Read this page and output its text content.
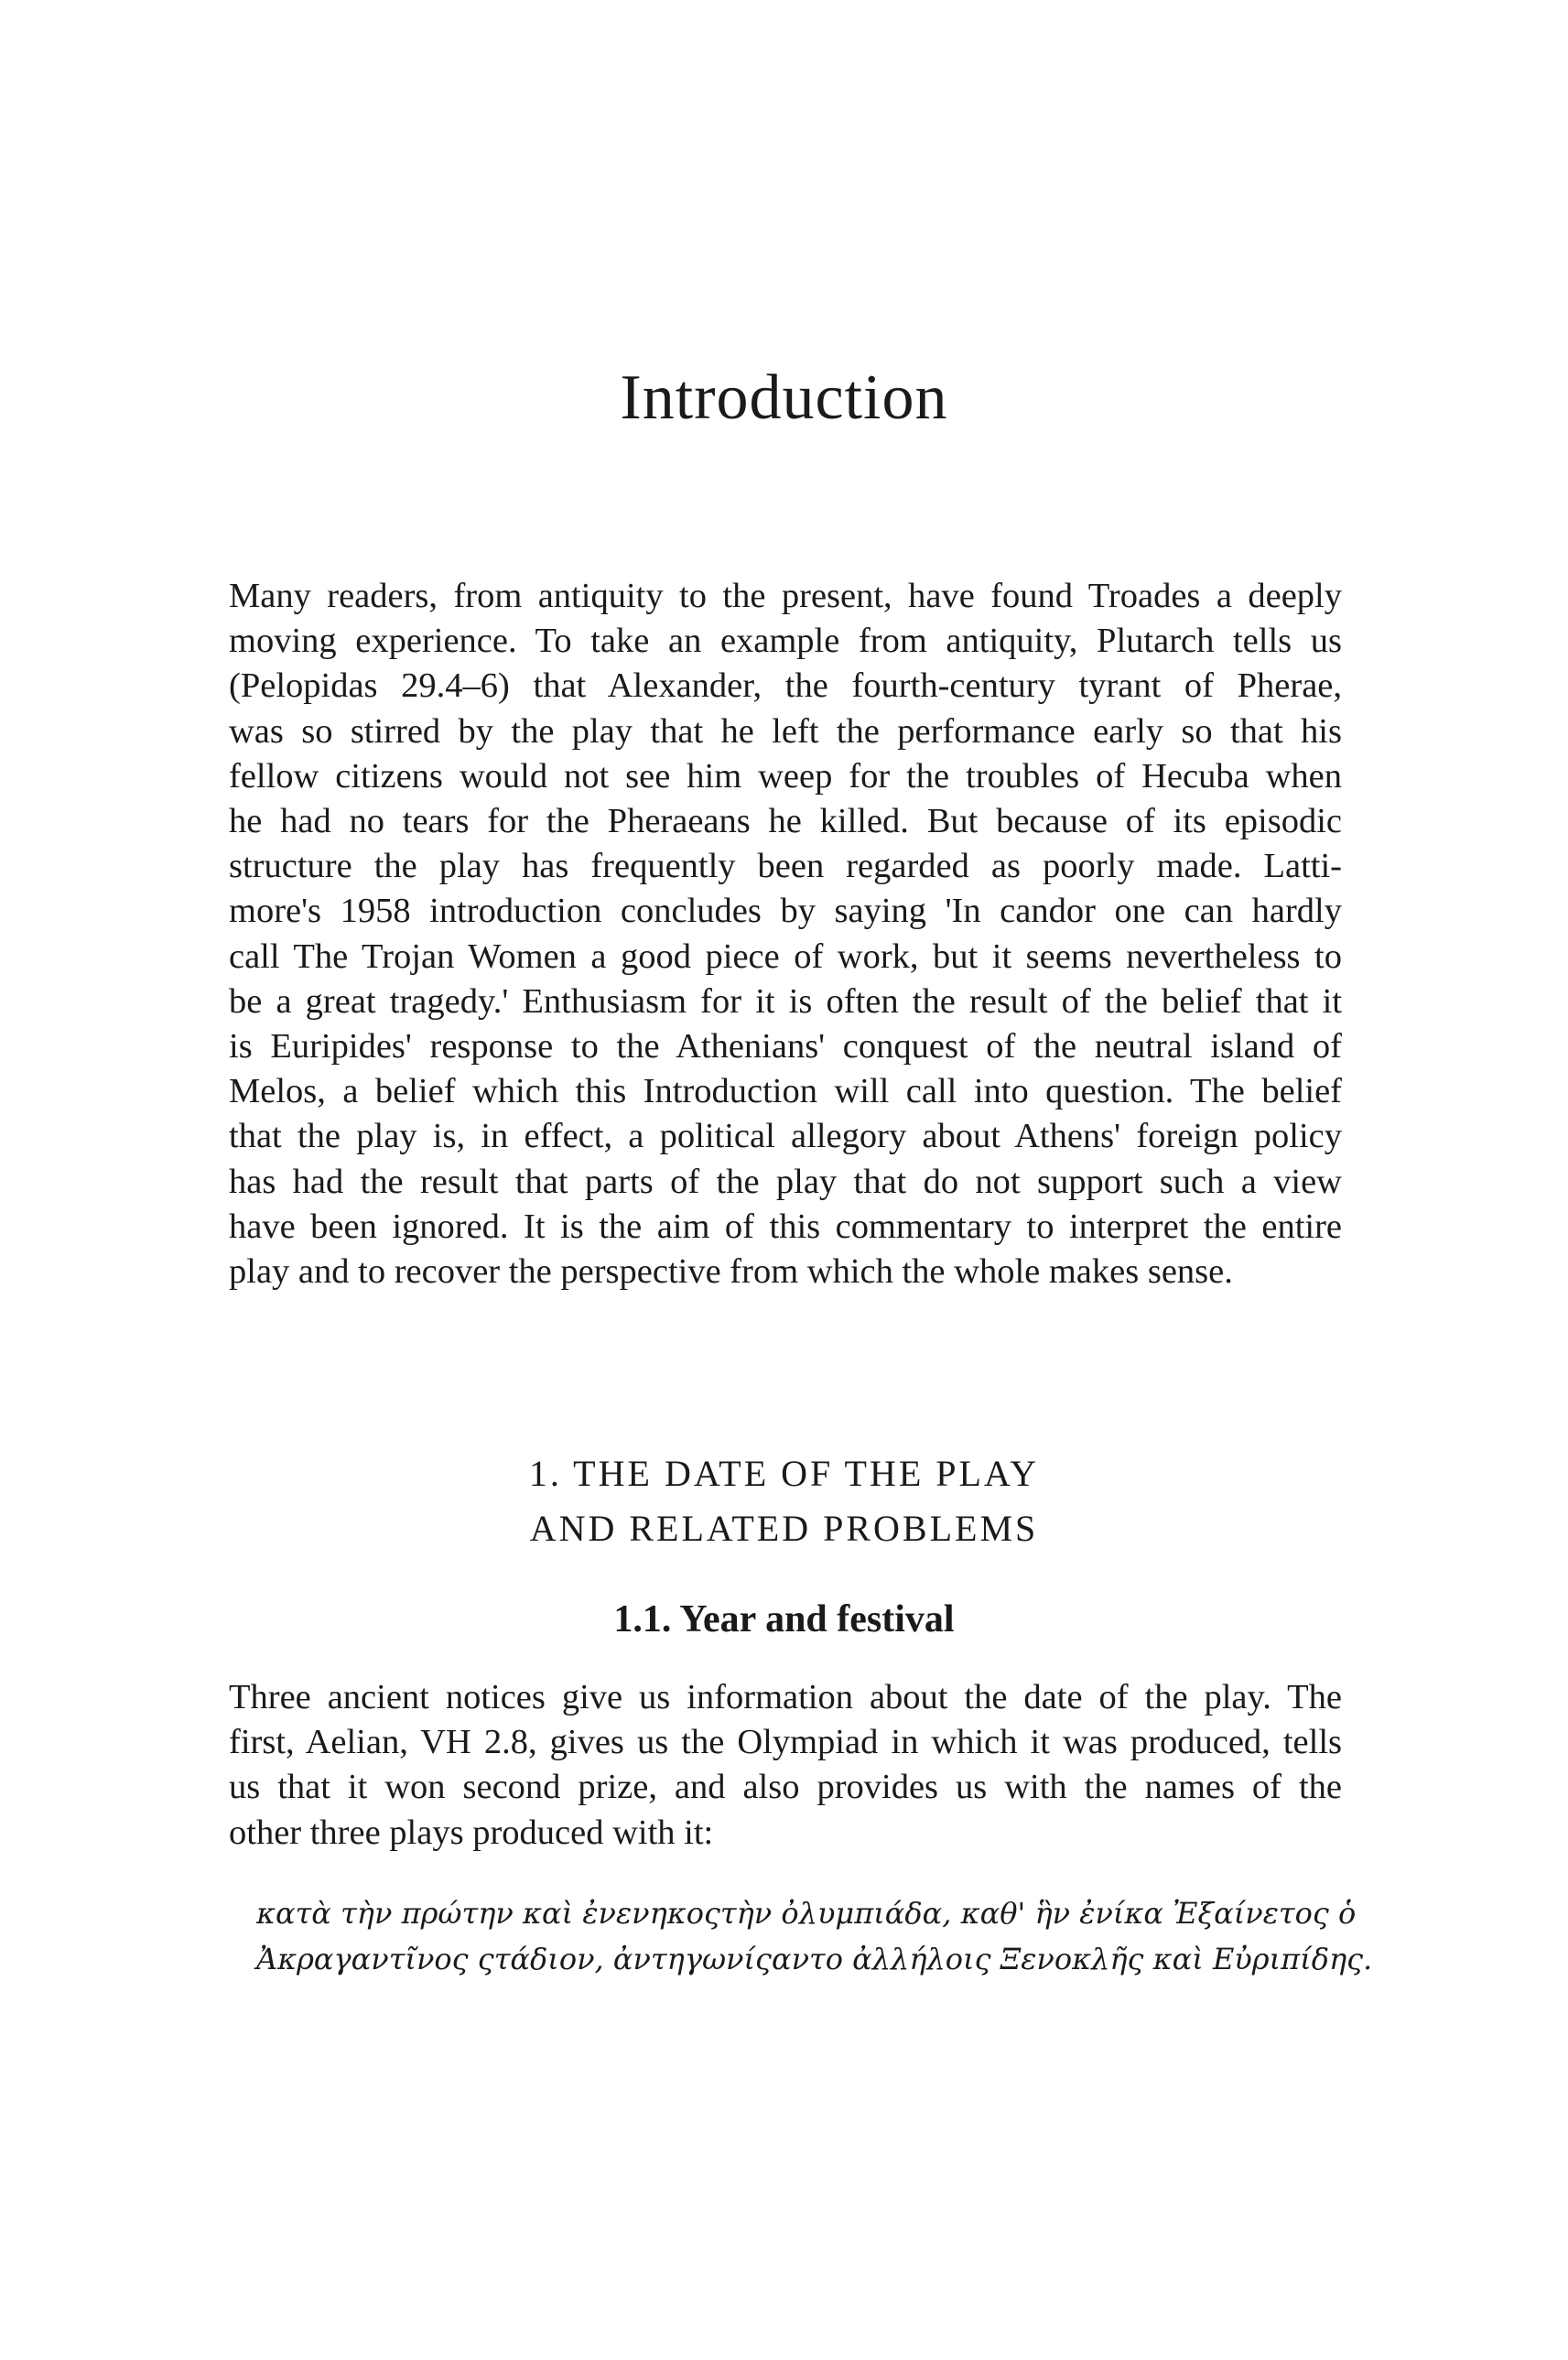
Introduction
Many readers, from antiquity to the present, have found Troades a deeply
moving experience. To take an example from antiquity, Plutarch tells us
(Pelopidas 29.4–6) that Alexander, the fourth-century tyrant of Pherae,
was so stirred by the play that he left the performance early so that his
fellow citizens would not see him weep for the troubles of Hecuba when
he had no tears for the Pheraeans he killed. But because of its episodic
structure the play has frequently been regarded as poorly made. Latti-
more's 1958 introduction concludes by saying 'In candor one can hardly
call The Trojan Women a good piece of work, but it seems nevertheless to
be a great tragedy.' Enthusiasm for it is often the result of the belief that it
is Euripides' response to the Athenians' conquest of the neutral island of
Melos, a belief which this Introduction will call into question. The belief
that the play is, in effect, a political allegory about Athens' foreign policy
has had the result that parts of the play that do not support such a view
have been ignored. It is the aim of this commentary to interpret the entire
play and to recover the perspective from which the whole makes sense.
1. THE DATE OF THE PLAY
AND RELATED PROBLEMS
1.1. Year and festival
Three ancient notices give us information about the date of the play. The
first, Aelian, VH 2.8, gives us the Olympiad in which it was produced, tells
us that it won second prize, and also provides us with the names of the
other three plays produced with it:
κατὰ τὴν πρώτην καὶ ἐνενηκοςτὴν ὀλυμπιάδα, καθ' ἣν ἐνίκα Ἐξαίνετος ὁ
Ἀκραγαντῖνος ςτάδιον, ἀντηγωνίςαντο ἀλλήλοις Ξενοκλῆς καὶ Εὐριπίδης.
